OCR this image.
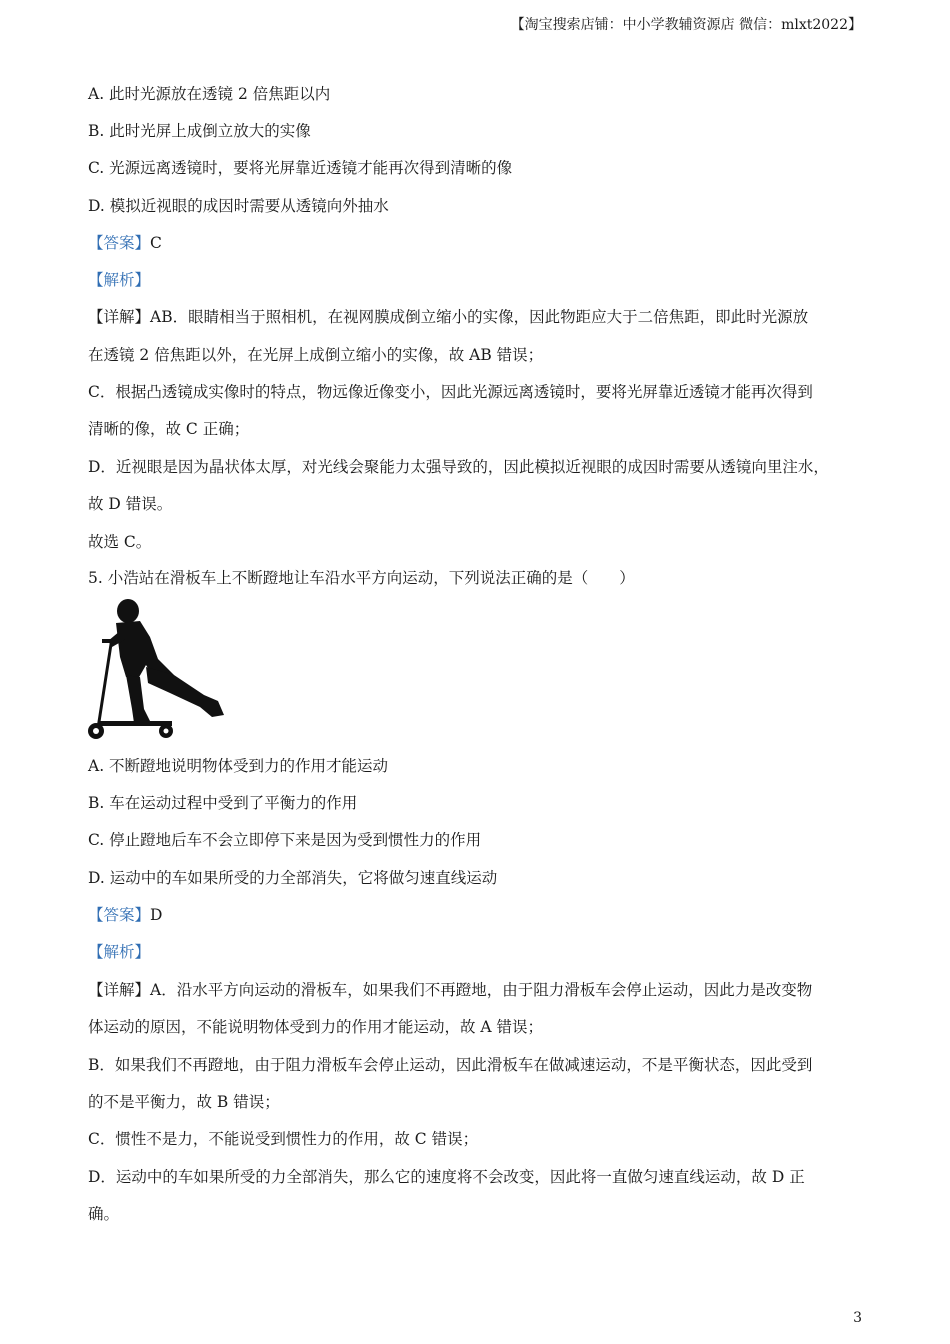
【淘宝搜索店铺：中小学教辅资源店 微信：mlxt2022】
A. 此时光源放在透镜 2 倍焦距以内
B. 此时光屏上成倒立放大的实像
C. 光源远离透镜时，要将光屏靠近透镜才能再次得到清晰的像
D. 模拟近视眼的成因时需要从透镜向外抽水
【答案】C
【解析】
【详解】AB．眼睛相当于照相机，在视网膜成倒立缩小的实像，因此物距应大于二倍焦距，即此时光源放
在透镜 2 倍焦距以外，在光屏上成倒立缩小的实像，故 AB 错误；
C．根据凸透镜成实像时的特点，物远像近像变小，因此光源远离透镜时，要将光屏靠近透镜才能再次得到
清晰的像，故 C 正确；
D．近视眼是因为晶状体太厚，对光线会聚能力太强导致的，因此模拟近视眼的成因时需要从透镜向里注水，
故 D 错误。
故选 C。
5. 小浩站在滑板车上不断蹬地让车沿水平方向运动，下列说法正确的是（　　）
A. 不断蹬地说明物体受到力的作用才能运动
B. 车在运动过程中受到了平衡力的作用
C. 停止蹬地后车不会立即停下来是因为受到惯性力的作用
D. 运动中的车如果所受的力全部消失，它将做匀速直线运动
【答案】D
【解析】
【详解】A．沿水平方向运动的滑板车，如果我们不再蹬地，由于阻力滑板车会停止运动，因此力是改变物
体运动的原因，不能说明物体受到力的作用才能运动，故 A 错误；
B．如果我们不再蹬地，由于阻力滑板车会停止运动，因此滑板车在做减速运动，不是平衡状态，因此受到
的不是平衡力，故 B 错误；
C．惯性不是力，不能说受到惯性力的作用，故 C 错误；
D．运动中的车如果所受的力全部消失，那么它的速度将不会改变，因此将一直做匀速直线运动，故 D 正
确。
3
